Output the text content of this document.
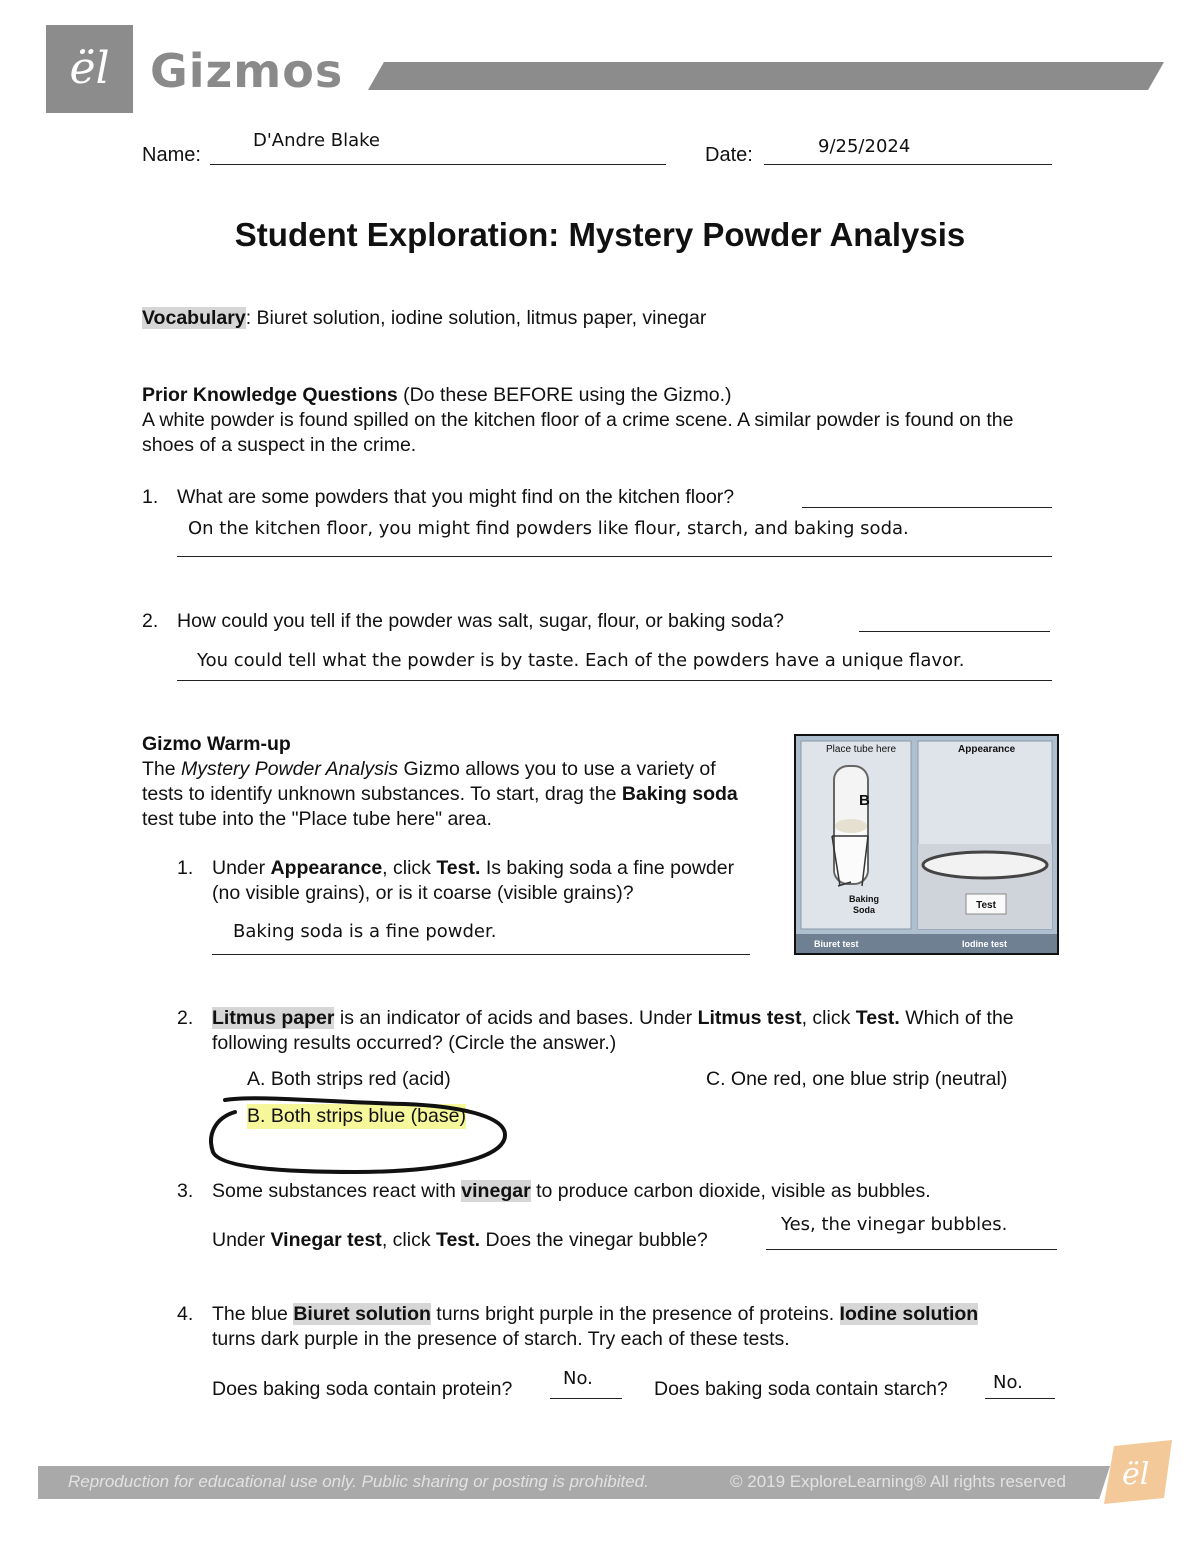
ël Gizmos
Name:
D'Andre Blake
Date:	9/25/2024
Student Exploration: Mystery Powder Analysis
Vocabulary: Biuret solution, iodine solution, litmus paper, vinegar

Prior Knowledge Questions (Do these BEFORE using the Gizmo.)

A white powder is found spilled on the kitchen floor of a crime scene. A similar powder is found on the shoes of a suspect in the crime.

1. What are some powders that you might find on the kitchen floor?
On the kitchen floor, you might find powders like flour, starch, and baking soda.
2. How could you tell if the powder was salt, sugar, flour, or baking soda?
You could tell what the powder is by taste. Each of the powders have a unique flavor.

Gizmo Warm-up

The Mystery Powder Analysis Gizmo allows you to use a variety of tests to identify unknown substances. To start, drag the Baking soda test tube into the "Place tube here" area.

Place tube here	Appearance
B
Baking Soda	Test
Biuret test	Iodine test
1. Under Appearance, click Test. Is baking soda a fine powder (no visible grains), or is it coarse (visible grains)?
Baking soda is a fine powder.
2. Litmus paper is an indicator of acids and bases. Under Litmus test, click Test. Which of the following results occurred? (Circle the answer.)
A. Both strips red (acid)	C. One red, one blue strip (neutral)
B. Both strips blue (base)
3. Some substances react with vinegar to produce carbon dioxide, visible as bubbles.
Under Vinegar test, click Test. Does the vinegar bubble?
Yes, the vinegar bubbles.
4. The blue Biuret solution turns bright purple in the presence of proteins. Iodine solution turns dark purple in the presence of starch. Try each of these tests.
Does baking soda contain protein?	No.	Does baking soda contain starch?	No.
Reproduction for educational use only. Public sharing or posting is prohibited.	© 2019 ExploreLearning® All rights reserved ël
